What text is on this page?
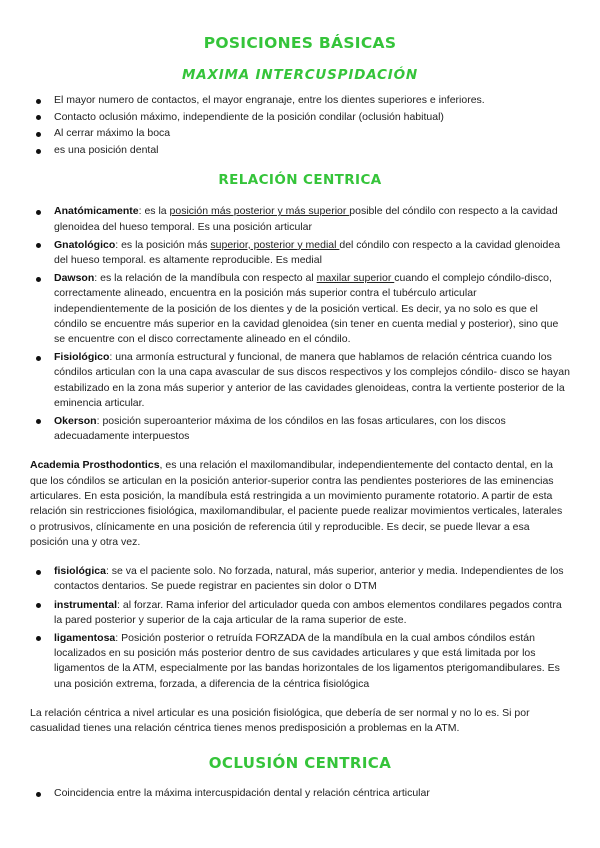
POSICIONES BÁSICAS
MAXIMA INTERCUSPIDACIÓN
El mayor numero de contactos, el mayor engranaje, entre los dientes superiores e inferiores.
Contacto oclusión máximo, independiente de la posición condilar (oclusión habitual)
Al cerrar máximo la boca
es una posición dental
RELACIÓN CENTRICA
Anatómicamente: es la posición más posterior y más superior posible del cóndilo con respecto a la cavidad glenoidea del hueso temporal. Es una posición articular
Gnatológico: es la posición más superior, posterior y medial del cóndilo con respecto a la cavidad glenoidea del hueso temporal. es altamente reproducible. Es medial
Dawson: es la relación de la mandíbula con respecto al maxilar superior cuando el complejo cóndilo-disco, correctamente alineado, encuentra en la posición más superior contra el tubérculo articular independientemente de la posición de los dientes y de la posición vertical. Es decir, ya no solo es que el cóndilo se encuentre más superior en la cavidad glenoidea (sin tener en cuenta medial y posterior), sino que se encuentre con el disco correctamente alineado en el cóndilo.
Fisiológico: una armonía estructural y funcional, de manera que hablamos de relación céntrica cuando los cóndilos articulan con la una capa avascular de sus discos respectivos y los complejos cóndilo- disco se hayan estabilizado en la zona más superior y anterior de las cavidades glenoideas, contra la vertiente posterior de la eminencia articular.
Okerson: posición superoanterior máxima de los cóndilos en las fosas articulares, con los discos adecuadamente interpuestos

Academia Prosthodontics, es una relación el maxilomandibular, independientemente del contacto dental, en la que los cóndilos se articulan en la posición anterior-superior contra las pendientes posteriores de las eminencias articulares. En esta posición, la mandíbula está restringida a un movimiento puramente rotatorio. A partir de esta relación sin restricciones fisiológica, maxilomandibular, el paciente puede realizar movimientos verticales, laterales o protrusivos, clínicamente en una posición de referencia útil y reproducible. Es decir, se puede llevar a esa posición una y otra vez.

fisiológica: se va el paciente solo. No forzada, natural, más superior, anterior y media. Independientes de los contactos dentarios. Se puede registrar en pacientes sin dolor o DTM
instrumental: al forzar. Rama inferior del articulador queda con ambos elementos condilares pegados contra la pared posterior y superior de la caja articular de la rama superior de este.
ligamentosa: Posición posterior o retruída FORZADA de la mandíbula en la cual ambos cóndilos están localizados en su posición más posterior dentro de sus cavidades articulares y que está limitada por los ligamentos de la ATM, especialmente por las bandas horizontales de los ligamentos pterigomandibulares. Es una posición extrema, forzada, a diferencia de la céntrica fisiológica

La relación céntrica a nivel articular es una posición fisiológica, que debería de ser normal y no lo es. Si por casualidad tienes una relación céntrica tienes menos predisposición a problemas en la ATM.

OCLUSIÓN CENTRICA
Coincidencia entre la máxima intercuspidación dental y relación céntrica articular
